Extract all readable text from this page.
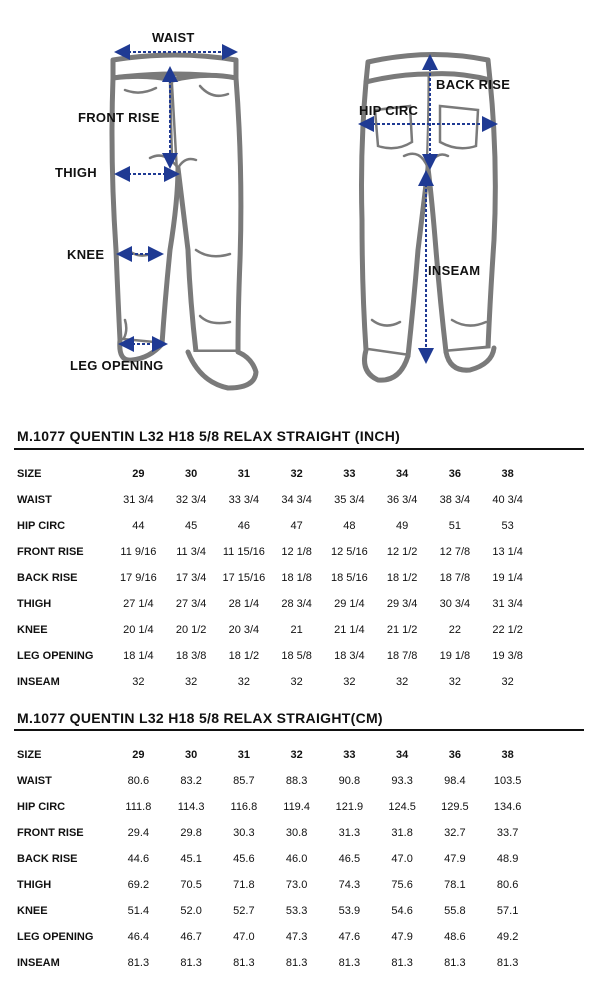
WAIST
FRONT RISE
THIGH
KNEE
LEG OPENING
BACK RISE
HIP CIRC
INSEAM
M.1077 QUENTIN L32 H18 5/8 RELAX STRAIGHT (INCH)
SIZE	29	30	31	32	33	34	36	38
WAIST	31 3/4	32 3/4	33 3/4	34 3/4	35 3/4	36 3/4	38 3/4	40 3/4
HIP CIRC	44	45	46	47	48	49	51	53
FRONT RISE	11 9/16	11 3/4	11 15/16	12 1/8	12 5/16	12 1/2	12 7/8	13 1/4
BACK RISE	17 9/16	17 3/4	17 15/16	18 1/8	18 5/16	18 1/2	18 7/8	19 1/4
THIGH	27 1/4	27 3/4	28 1/4	28 3/4	29 1/4	29 3/4	30 3/4	31 3/4
KNEE	20 1/4	20 1/2	20 3/4	21	21 1/4	21 1/2	22	22 1/2
LEG OPENING	18 1/4	18 3/8	18 1/2	18 5/8	18 3/4	18 7/8	19 1/8	19 3/8
INSEAM	32	32	32	32	32	32	32	32
M.1077 QUENTIN L32 H18 5/8 RELAX STRAIGHT(CM)
SIZE	29	30	31	32	33	34	36	38
WAIST	80.6	83.2	85.7	88.3	90.8	93.3	98.4	103.5
HIP CIRC	111.8	114.3	116.8	119.4	121.9	124.5	129.5	134.6
FRONT RISE	29.4	29.8	30.3	30.8	31.3	31.8	32.7	33.7
BACK RISE	44.6	45.1	45.6	46.0	46.5	47.0	47.9	48.9
THIGH	69.2	70.5	71.8	73.0	74.3	75.6	78.1	80.6
KNEE	51.4	52.0	52.7	53.3	53.9	54.6	55.8	57.1
LEG OPENING	46.4	46.7	47.0	47.3	47.6	47.9	48.6	49.2
INSEAM	81.3	81.3	81.3	81.3	81.3	81.3	81.3	81.3
